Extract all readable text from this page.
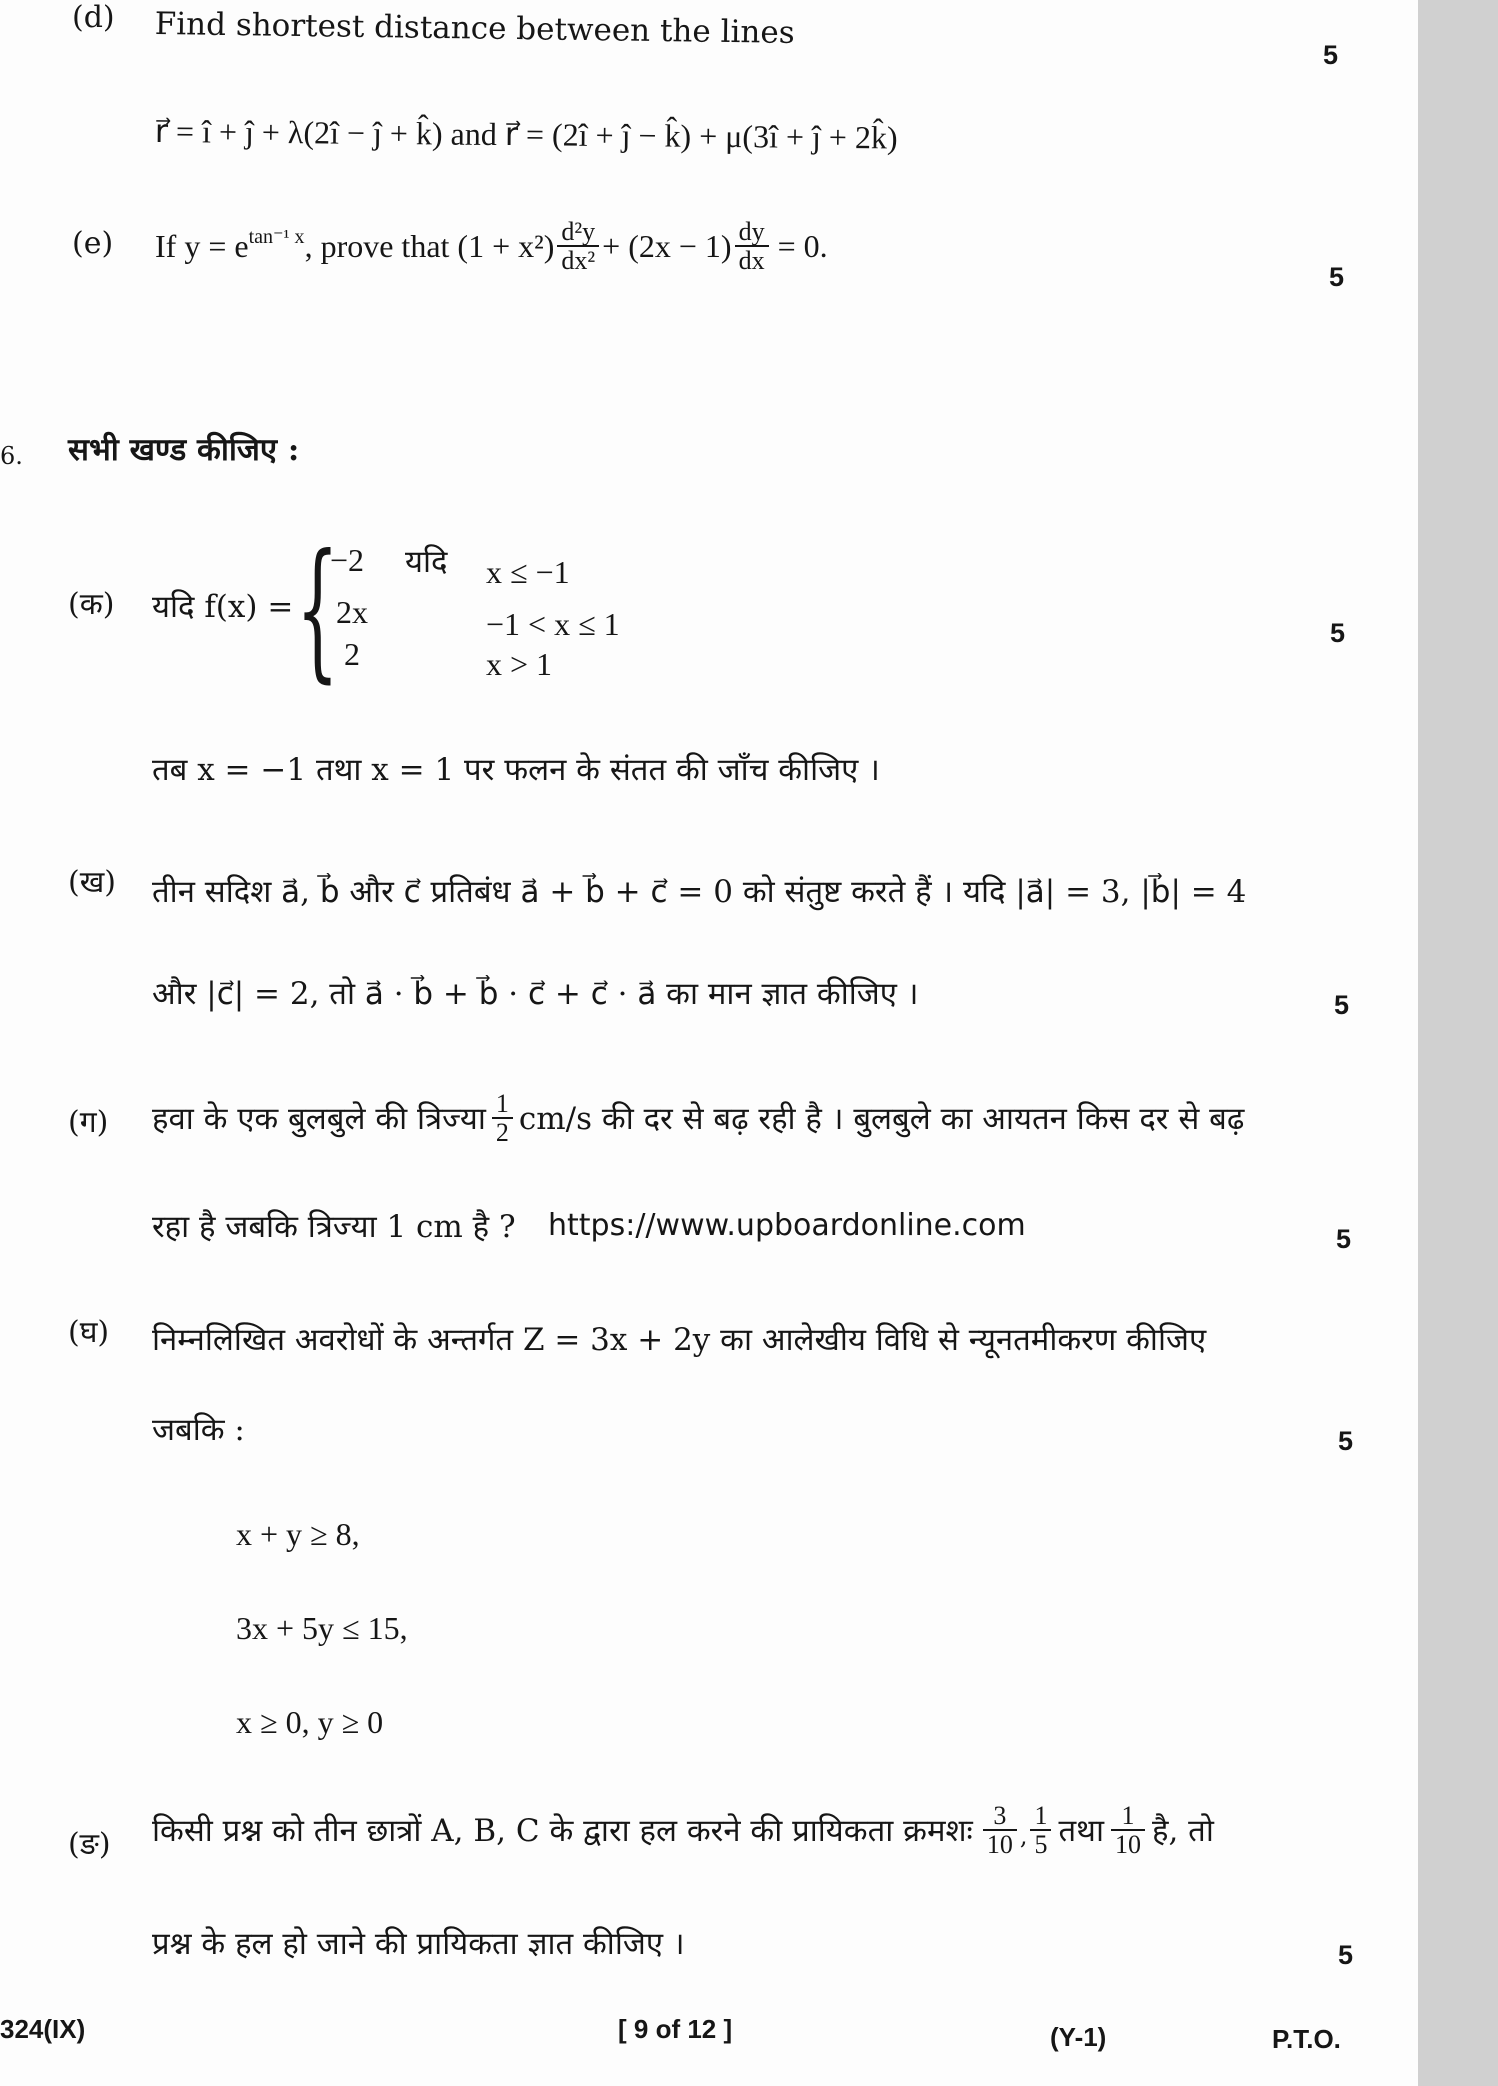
(d) Find shortest distance between the lines
5
r⃗ = î + ĵ + λ(2î − ĵ + k̂) and r⃗ = (2î + ĵ − k̂) + μ(3î + ĵ + 2k̂)
(e) If $y = e^{tan^{-1} x}$ , prove that $(1 + x^2) \frac{\text{d²y}}{\text{dx²}} + (2x - 1) \frac{dy}{dx} = 0$.
5
6. सभी खण्ड कीजिए :
(क) यदि f(x) = {
−2 यदि x ≤ −1
2x	−1 < x ≤ 1
2	x > 1
5
तब x = −1 तथा x = 1 पर फलन के संतत की जाँच कीजिए ।
(ख) तीन सदिश a⃗, b⃗ और c⃗ प्रतिबंध a⃗ + b⃗ + c⃗ = 0 को संतुष्ट करते हैं । यदि |a⃗| = 3, |b⃗| = 4
और |c⃗| = 2, तो a⃗ · b⃗ + b⃗ · c⃗ + c⃗ · a⃗ का मान ज्ञात कीजिए ।	5
(ग) हवा के एक बुलबुले की त्रिज्या $\frac{1}{2} cm/s$ की दर से बढ़ रही है । बुलबुले का आयतन किस दर से बढ़
रहा है जबकि त्रिज्या 1 cm है ? https://www.upboardonline.com	5
(घ) निम्नलिखित अवरोधों के अन्तर्गत Z = 3x + 2y का आलेखीय विधि से न्यूनतमीकरण कीजिए
जबकि :	5
x + y ≥ 8,
3x + 5y ≤ 15,
x ≥ 0, y ≥ 0
(ङ) किसी प्रश्न को तीन छात्रों A, B, C के द्वारा हल करने की प्रायिकता क्रमशः $\frac{3}{10}$ , $\frac{1}{5}$ तथा $\frac{1}{10}$ है, तो
प्रश्न के हल हो जाने की प्रायिकता ज्ञात कीजिए ।	5
324(IX)	[ 9 of 12 ]	(Y-1)	P.T.O.
